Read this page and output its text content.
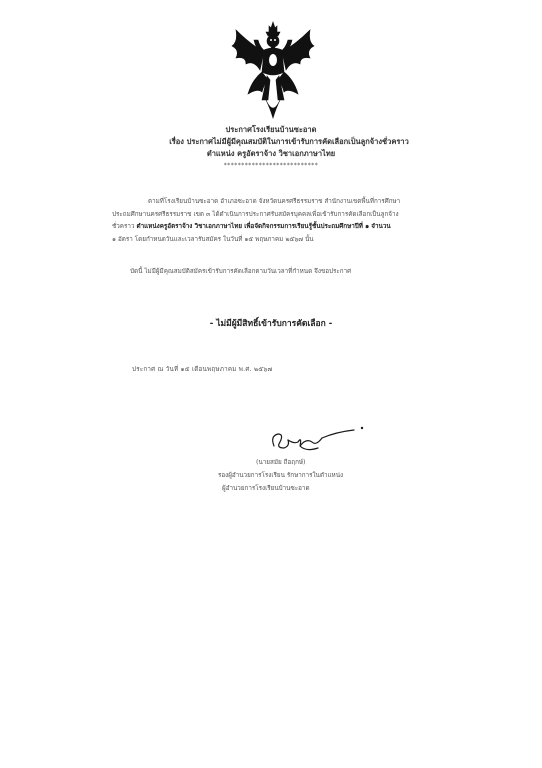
ประกาศโรงเรียนบ้านซะอาด
เรื่อง ประกาศไม่มีผู้มีคุณสมบัติในการเข้ารับการคัดเลือกเป็นลูกจ้างชั่วคราว
ตำแหน่ง ครูอัตราจ้าง วิชาเอกภาษาไทย
***************************
ตามที่โรงเรียนบ้านซะอาด อำเภอซะอาด จังหวัดนครศรีธรรมราช สำนักงานเขตพื้นที่การศึกษา
ประถมศึกษานครศรีธรรมราช เขต ๓ ได้ดำเนินการประกาศรับสมัครบุคคลเพื่อเข้ารับการคัดเลือกเป็นลูกจ้าง
ชั่วคราว ตำแหน่งครูอัตราจ้าง วิชาเอกภาษาไทย เพื่อจัดกิจกรรมการเรียนรู้ชั้นประถมศึกษาปีที่ ๑ จำนวน
๑ อัตรา โดยกำหนดวันและเวลารับสมัคร ในวันที่ ๑๕ พฤษภาคม ๒๕๖๗ นั้น
บัดนี้ ไม่มีผู้มีคุณสมบัติสมัครเข้ารับการคัดเลือกตามวันเวลาที่กำหนด จึงขอประกาศ
- ไม่มีผู้มีสิทธิ์เข้ารับการคัดเลือก -
ประกาศ ณ วันที่ ๑๕ เดือนพฤษภาคม พ.ศ. ๒๕๖๗
(นายสมัย ถือฤกษ์)
รองผู้อำนวยการโรงเรียน รักษาการในตำแหน่ง
ผู้อำนวยการโรงเรียนบ้านซะอาด
